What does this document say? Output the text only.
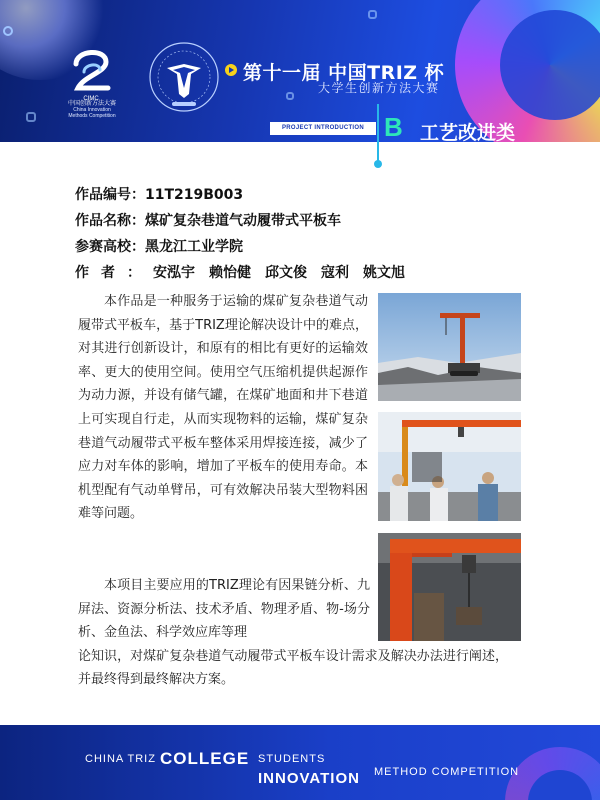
CIMC
中国创新方法大赛
China Innovation
Methods Competition
第十一届 中国TRIZ 杯
大学生创新方法大赛
PROJECT INTRODUCTION B 工艺改进类
作品编号：11T219B003
作品名称：煤矿复杂巷道气动履带式平板车
参赛高校：黑龙江工业学院
作者：安泓宇　赖怡健　邱文俊　寇利　姚文旭

本作品是一种服务于运输的煤矿复杂巷道气动履带式平板车，基于TRIZ理论解决设计中的难点，对其进行创新设计，和原有的相比有更好的运输效率、更大的使用空间。使用空气压缩机提供起源作为动力源，并设有储气罐，在煤矿地面和井下巷道上可实现自行走，从而实现物料的运输，煤矿复杂巷道气动履带式平板车整体采用焊接连接，减少了应力对车体的影响，增加了平板车的使用寿命。本机型配有气动单臂吊，可有效解决吊装大型物料困难等问题。

本项目主要应用的TRIZ理论有因果链分析、九屏法、资源分析法、技术矛盾、物理矛盾、物-场分析、金鱼法、科学效应库等理
论知识，对煤矿复杂巷道气动履带式平板车设计需求及解决办法进行阐述，并最终得到最终解决方案。
CHINA TRIZ COLLEGE STUDENTS
INNOVATION METHOD COMPETITION
